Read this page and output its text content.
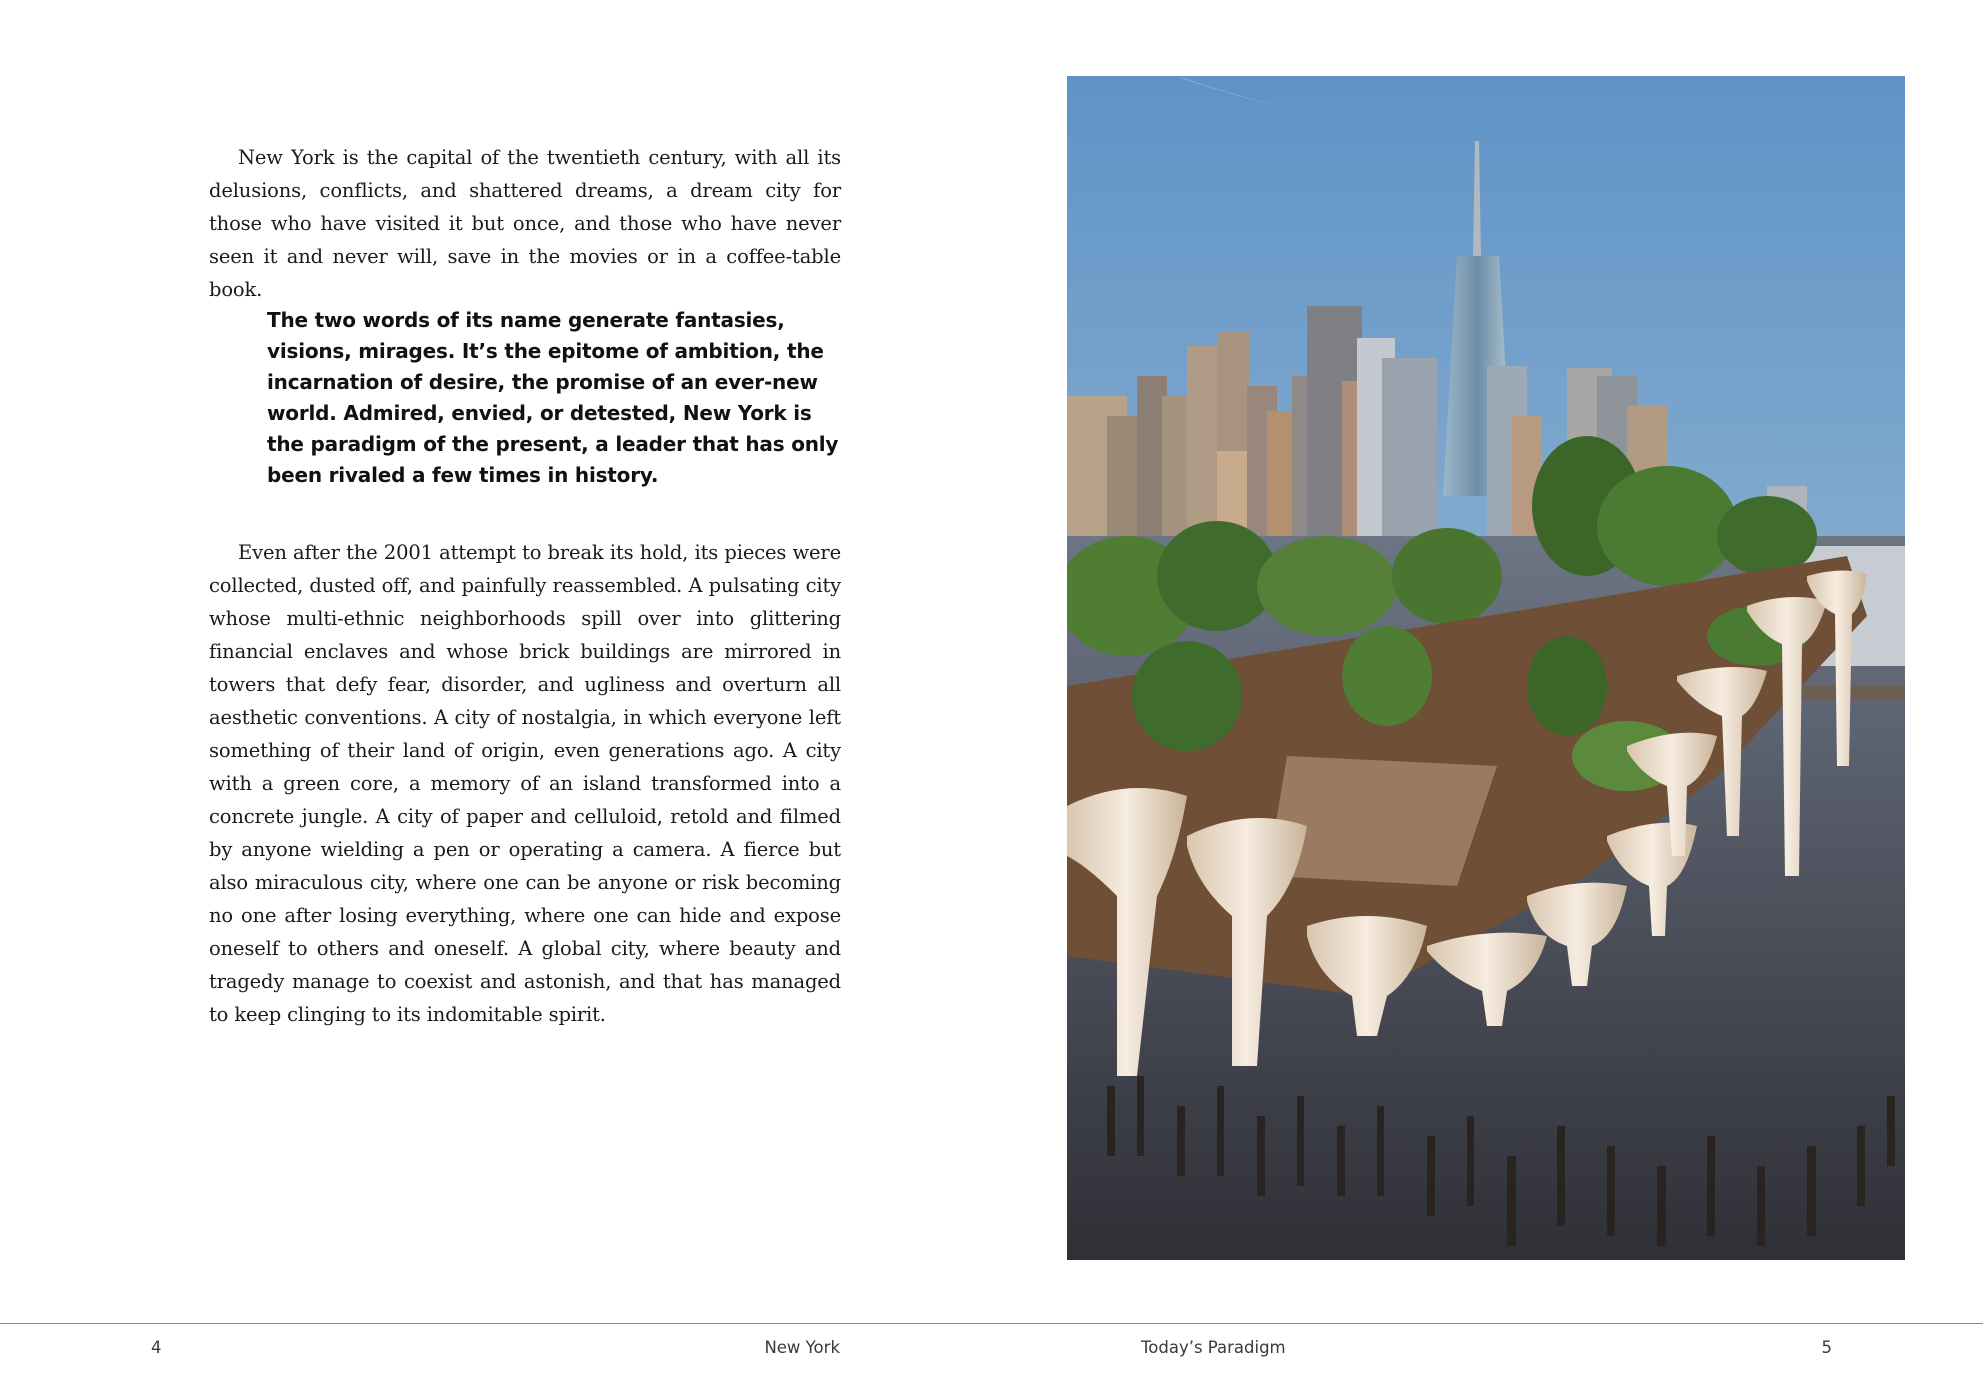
New York is the capital of the twentieth century, with all its delusions, conflicts, and shattered dreams, a dream city for those who have visited it but once, and those who have never seen it and never will, save in the movies or in a coffee-table book.

The two words of its name generate fantasies, visions, mirages. It’s the epitome of ambition, the incarnation of desire, the promise of an ever-new world. Admired, envied, or detested, New York is the paradigm of the present, a leader that has only been rivaled a few times in history.

Even after the 2001 attempt to break its hold, its pieces were collected, dusted off, and painfully reassembled. A pulsating city whose multi-ethnic neighborhoods spill over into glittering financial enclaves and whose brick buildings are mirrored in towers that defy fear, disorder, and ugliness and overturn all aesthetic conventions. A city of nostalgia, in which everyone left something of their land of origin, even generations ago. A city with a green core, a memory of an island transformed into a concrete jungle. A city of paper and celluloid, retold and filmed by anyone wielding a pen or operating a camera. A fierce but also miraculous city, where one can be anyone or risk becoming no one after losing everything, where one can hide and expose oneself to others and oneself. A global city, where beauty and tragedy manage to coexist and astonish, and that has managed to keep clinging to its indomitable spirit.

4	New York	Today’s Paradigm	5
